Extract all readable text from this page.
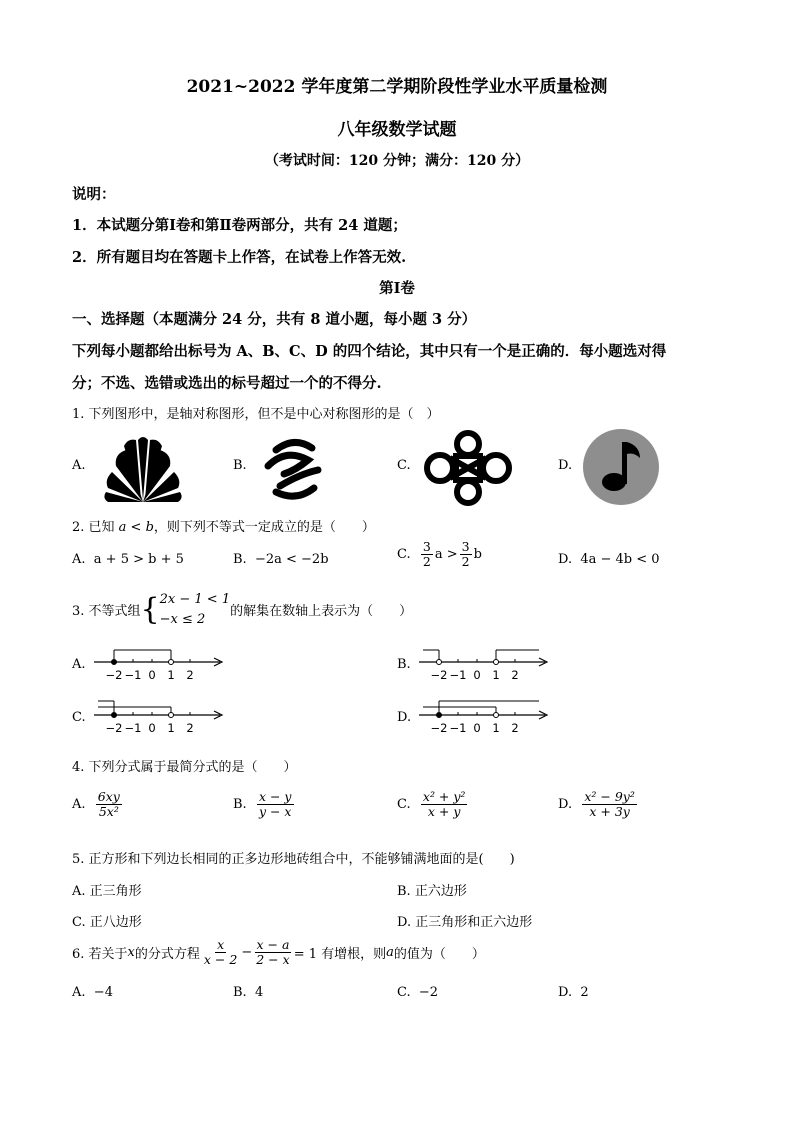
2021~2022 学年度第二学期阶段性学业水平质量检测
八年级数学试题
（考试时间：120 分钟；满分：120 分）
说明：
1．本试题分第Ⅰ卷和第Ⅱ卷两部分，共有 24 道题；
2．所有题目均在答题卡上作答，在试卷上作答无效.
第Ⅰ卷
一、选择题（本题满分 24 分，共有 8 道小题，每小题 3 分）
下列每小题都给出标号为 A、B、C、D 的四个结论，其中只有一个是正确的．每小题选对得
分；不选、选错或选出的标号超过一个的不得分.
1. 下列图形中，是轴对称图形，但不是中心对称图形的是（　）
A.	B.	C.	D.
2. 已知 a < b，则下列不等式一定成立的是（　　）
A. a + 5 > b + 5	B. −2a < −2b	C.
$\frac{3}{2}$ $a > \frac{3}{2}$ b	D. 4a − 4b < 0
3. 不等式组 { 2x − 1 < 1
−x ≤ 2	的解集在数轴上表示为（　　）
A.	B.
C.	D.
−2 −1 0 1 2	−2 −1 0 1 2
−2 −1 0 1 2	−2 −1 0 1 2
4. 下列分式属于最简分式的是（　　）
A.
$\frac{6xy}{\text{5x²}}$	B.
$\frac{x - y}{y - x}$	C.
$\frac{\text{x² + y²}}{x + y}$	D.
$\frac{\text{x² − 9y²}}{x + 3y}$
5. 正方形和下列边长相同的正多边形地砖组合中，不能够铺满地面的是(　　)
A. 正三角形	B. 正六边形
C. 正八边形	D. 正三角形和正六边形
6. 若关于 x 的分式方程 $\frac{x}{x - 2} - \frac{x - a}{2 - x} = 1$ 有增根，则 a 的值为（　　）
A. −4	B. 4	C. −2	D. 2
